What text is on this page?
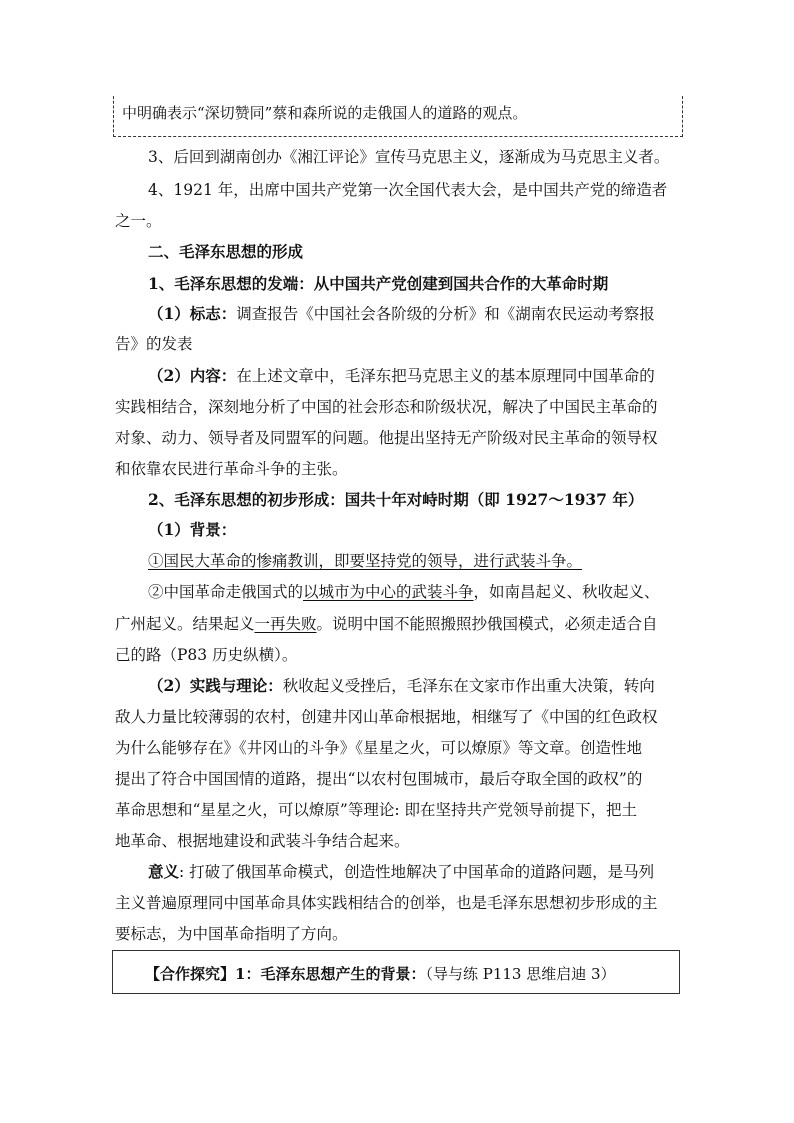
中明确表示“深切赞同”蔡和森所说的走俄国人的道路的观点。
3、后回到湖南创办《湘江评论》宣传马克思主义，逐渐成为马克思主义者。
4、1921 年，出席中国共产党第一次全国代表大会，是中国共产党的缔造者
之一。
二、毛泽东思想的形成
1、毛泽东思想的发端：从中国共产党创建到国共合作的大革命时期
（1）标志：调查报告《中国社会各阶级的分析》和《湖南农民运动考察报
告》的发表
（2）内容：在上述文章中，毛泽东把马克思主义的基本原理同中国革命的
实践相结合，深刻地分析了中国的社会形态和阶级状况，解决了中国民主革命的
对象、动力、领导者及同盟军的问题。他提出坚持无产阶级对民主革命的领导权
和依靠农民进行革命斗争的主张。
2、毛泽东思想的初步形成：国共十年对峙时期（即 1927～1937 年）
（1）背景：
①国民大革命的惨痛教训，即要坚持党的领导，进行武装斗争。
②中国革命走俄国式的以城市为中心的武装斗争，如南昌起义、秋收起义、
广州起义。结果起义一再失败。说明中国不能照搬照抄俄国模式，必须走适合自
己的路（P83 历史纵横）。
（2）实践与理论：秋收起义受挫后，毛泽东在文家市作出重大决策，转向
敌人力量比较薄弱的农村，创建井冈山革命根据地，相继写了《中国的红色政权
为什么能够存在》《井冈山的斗争》《星星之火，可以燎原》等文章。创造性地
提出了符合中国国情的道路，提出“以农村包围城市，最后夺取全国的政权”的
革命思想和“星星之火，可以燎原”等理论: 即在坚持共产党领导前提下，把土
地革命、根据地建设和武装斗争结合起来。
意义: 打破了俄国革命模式，创造性地解决了中国革命的道路问题，是马列
主义普遍原理同中国革命具体实践相结合的创举，也是毛泽东思想初步形成的主
要标志，为中国革命指明了方向。
【合作探究】1：毛泽东思想产生的背景：（导与练 P113 思维启迪 3）
